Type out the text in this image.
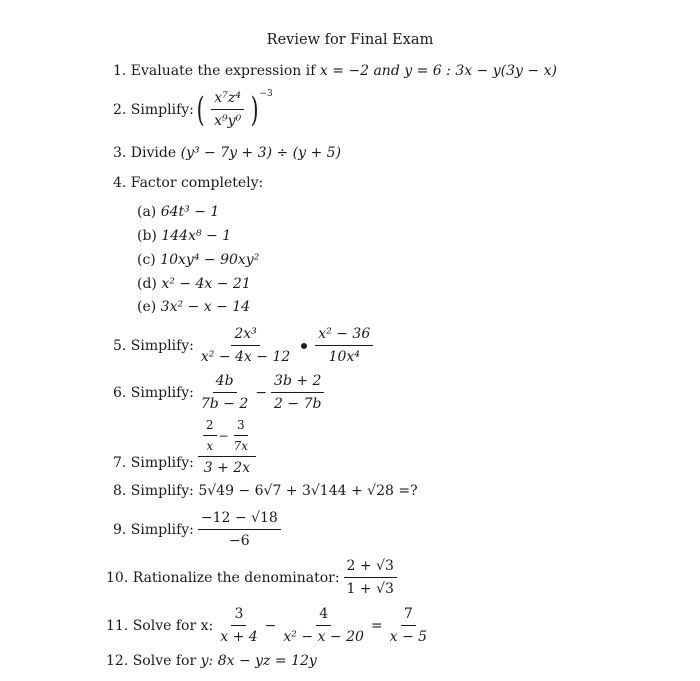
Review for Final Exam
1. Evaluate the expression if x = −2 and y = 6 : 3x − y(3y − x)
2. Simplify: ( $\frac{\text{x⁷z⁴}}{\text{x⁹y⁰}}$ ) −3
3. Divide (y³ − 7y + 3) ÷ (y + 5)
4. Factor completely:
(a) 64t³ − 1
(b) 144x⁸ − 1
(c) 10xy⁴ − 90xy²
(d) x² − 4x − 21
(e) 3x² − x − 14
5. Simplify: $\frac{\text{2x³}}{\text{x² − 4x − 12}} \frac{\text{x² − 36}}{\text{10x⁴}}$
6. Simplify: $\frac{4b}{7b - 2} - \frac{3b + 2}{2 - 7b}$
7. Simplify: $\frac{\frac{2}{x} - \frac{3}{7x}}{3 + 2x}$
8. Simplify: 5√49 − 6√7 + 3√144 + √28 =?
9. Simplify: $\frac{-12 - √18}{-6}$
10. Rationalize the denominator: $\frac{2 + √3}{1 + √3}$
11. Solve for x: $\frac{3}{x + 4} - \frac{4}{\text{x² − x − 20}} = \frac{7}{x - 5}$
12. Solve for y: 8x − yz = 12y
